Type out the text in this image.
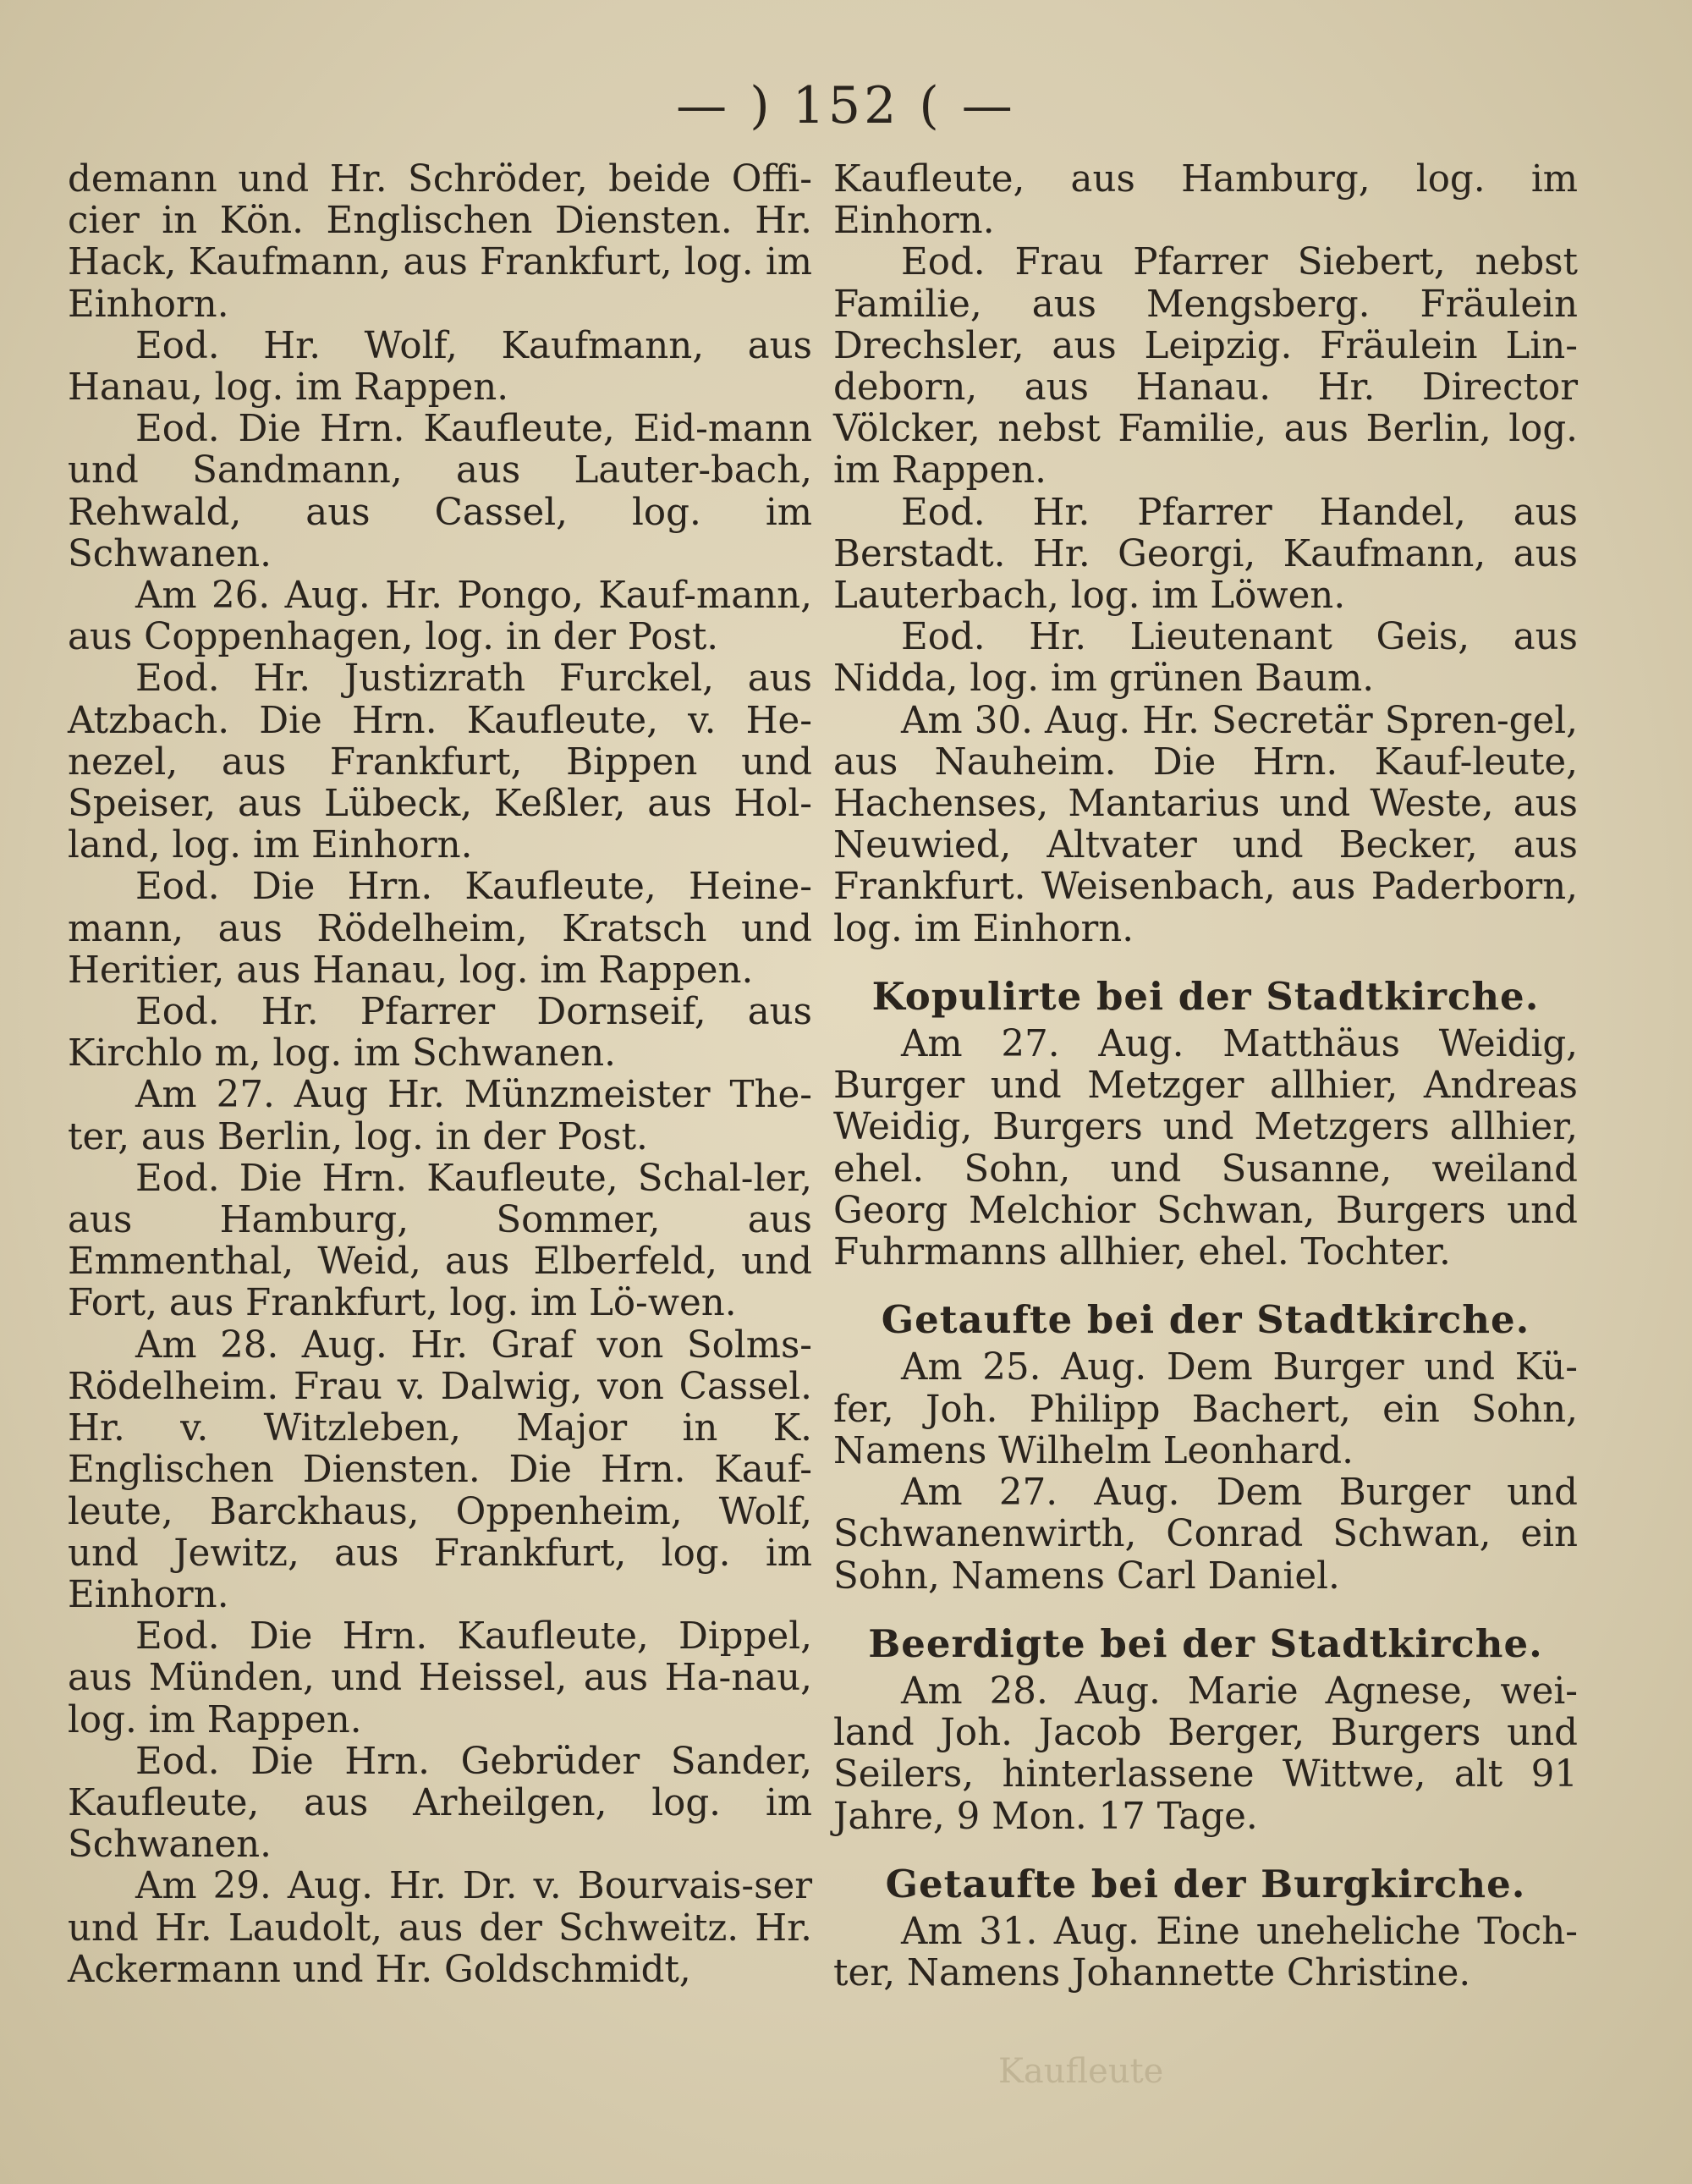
— ) 152 ( —

demann und Hr. Schröder, beide Offi-cier in Kön. Englischen Diensten. Hr. Hack, Kaufmann, aus Frankfurt, log. im Einhorn.

Eod. Hr. Wolf, Kaufmann, aus Hanau, log. im Rappen.

Eod. Die Hrn. Kaufleute, Eid-mann und Sandmann, aus Lauter-bach, Rehwald, aus Cassel, log. im Schwanen.

Am 26. Aug. Hr. Pongo, Kauf-mann, aus Coppenhagen, log. in der Post.

Eod. Hr. Justizrath Furckel, aus Atzbach. Die Hrn. Kaufleute, v. He-nezel, aus Frankfurt, Bippen und Speiser, aus Lübeck, Keßler, aus Hol-land, log. im Einhorn.

Eod. Die Hrn. Kaufleute, Heine-mann, aus Rödelheim, Kratsch und Heritier, aus Hanau, log. im Rappen.

Eod. Hr. Pfarrer Dornseif, aus Kirchlo m, log. im Schwanen.

Am 27. Aug Hr. Münzmeister The-ter, aus Berlin, log. in der Post.

Eod. Die Hrn. Kaufleute, Schal-ler, aus Hamburg, Sommer, aus Emmenthal, Weid, aus Elberfeld, und Fort, aus Frankfurt, log. im Lö-wen.

Am 28. Aug. Hr. Graf von Solms-Rödelheim. Frau v. Dalwig, von Cassel. Hr. v. Witzleben, Major in K. Englischen Diensten. Die Hrn. Kauf-leute, Barckhaus, Oppenheim, Wolf, und Jewitz, aus Frankfurt, log. im Einhorn.

Eod. Die Hrn. Kaufleute, Dippel, aus Münden, und Heissel, aus Ha-nau, log. im Rappen.

Eod. Die Hrn. Gebrüder Sander, Kaufleute, aus Arheilgen, log. im Schwanen.

Am 29. Aug. Hr. Dr. v. Bourvais-ser und Hr. Laudolt, aus der Schweitz. Hr. Ackermann und Hr. Goldschmidt,

Kaufleute, aus Hamburg, log. im Einhorn.

Eod. Frau Pfarrer Siebert, nebst Familie, aus Mengsberg. Fräulein Drechsler, aus Leipzig. Fräulein Lin-deborn, aus Hanau. Hr. Director Völcker, nebst Familie, aus Berlin, log. im Rappen.

Eod. Hr. Pfarrer Handel, aus Berstadt. Hr. Georgi, Kaufmann, aus Lauterbach, log. im Löwen.

Eod. Hr. Lieutenant Geis, aus Nidda, log. im grünen Baum.

Am 30. Aug. Hr. Secretär Spren-gel, aus Nauheim. Die Hrn. Kauf-leute, Hachenses, Mantarius und Weste, aus Neuwied, Altvater und Becker, aus Frankfurt. Weisenbach, aus Paderborn, log. im Einhorn.

Kopulirte bei der Stadtkirche.

Am 27. Aug. Matthäus Weidig, Burger und Metzger allhier, Andreas Weidig, Burgers und Metzgers allhier, ehel. Sohn, und Susanne, weiland Georg Melchior Schwan, Burgers und Fuhrmanns allhier, ehel. Tochter.

Getaufte bei der Stadtkirche.

Am 25. Aug. Dem Burger und Kü-fer, Joh. Philipp Bachert, ein Sohn, Namens Wilhelm Leonhard.

Am 27. Aug. Dem Burger und Schwanenwirth, Conrad Schwan, ein Sohn, Namens Carl Daniel.

Beerdigte bei der Stadtkirche.

Am 28. Aug. Marie Agnese, wei-land Joh. Jacob Berger, Burgers und Seilers, hinterlassene Wittwe, alt 91 Jahre, 9 Mon. 17 Tage.

Getaufte bei der Burgkirche.

Am 31. Aug. Eine uneheliche Toch-ter, Namens Johannette Christine.

Kaufleute
